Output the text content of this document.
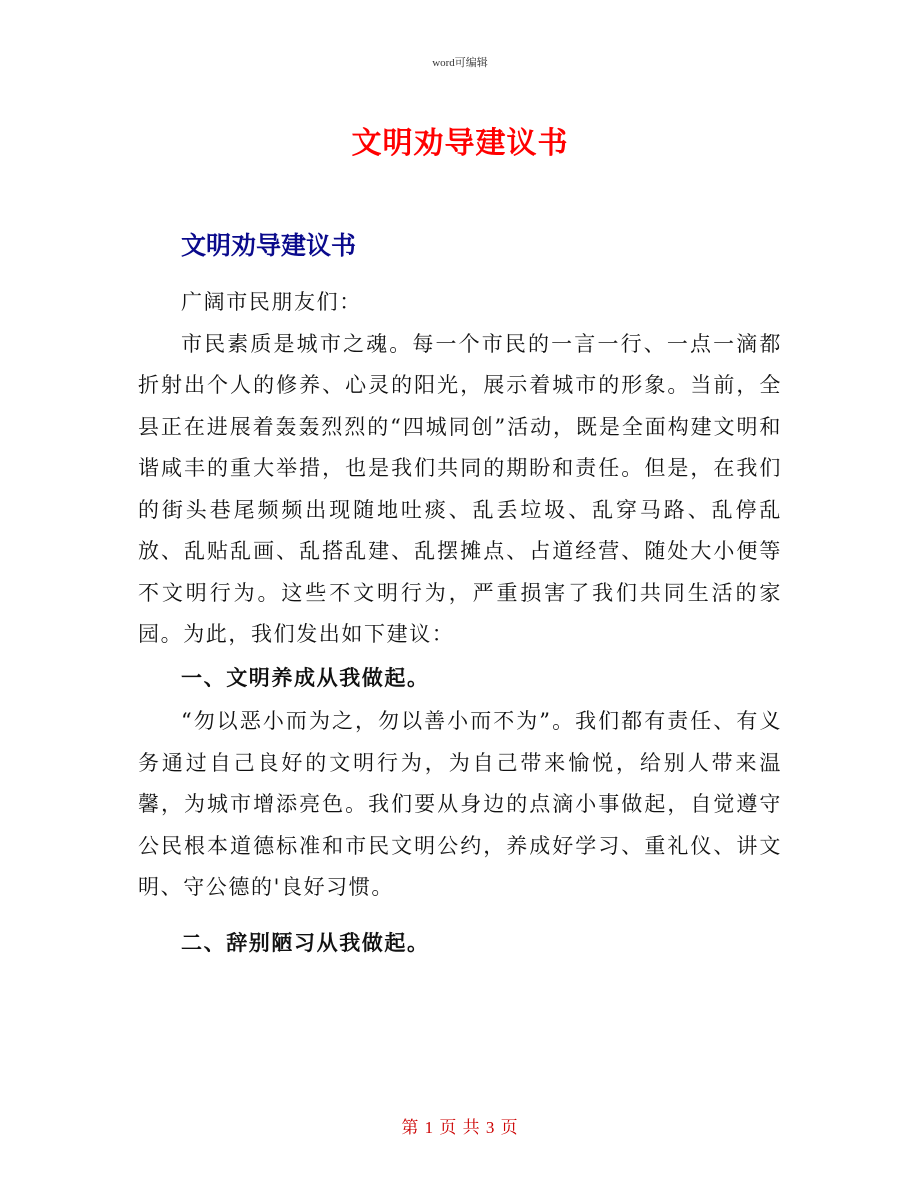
word可编辑
文明劝导建议书
文明劝导建议书

广阔市民朋友们：

市民素质是城市之魂。每一个市民的一言一行、一点一滴都折射出个人的修养、心灵的阳光，展示着城市的形象。当前，全县正在进展着轰轰烈烈的“四城同创”活动，既是全面构建文明和谐咸丰的重大举措，也是我们共同的期盼和责任。但是，在我们的街头巷尾频频出现随地吐痰、乱丢垃圾、乱穿马路、乱停乱放、乱贴乱画、乱搭乱建、乱摆摊点、占道经营、随处大小便等不文明行为。这些不文明行为，严重损害了我们共同生活的家园。为此，我们发出如下建议：

一、文明养成从我做起。

“勿以恶小而为之，勿以善小而不为”。我们都有责任、有义务通过自己良好的文明行为，为自己带来愉悦，给别人带来温馨，为城市增添亮色。我们要从身边的点滴小事做起，自觉遵守公民根本道德标准和市民文明公约，养成好学习、重礼仪、讲文明、守公德的'良好习惯。

二、辞别陋习从我做起。

第 1 页 共 3 页
